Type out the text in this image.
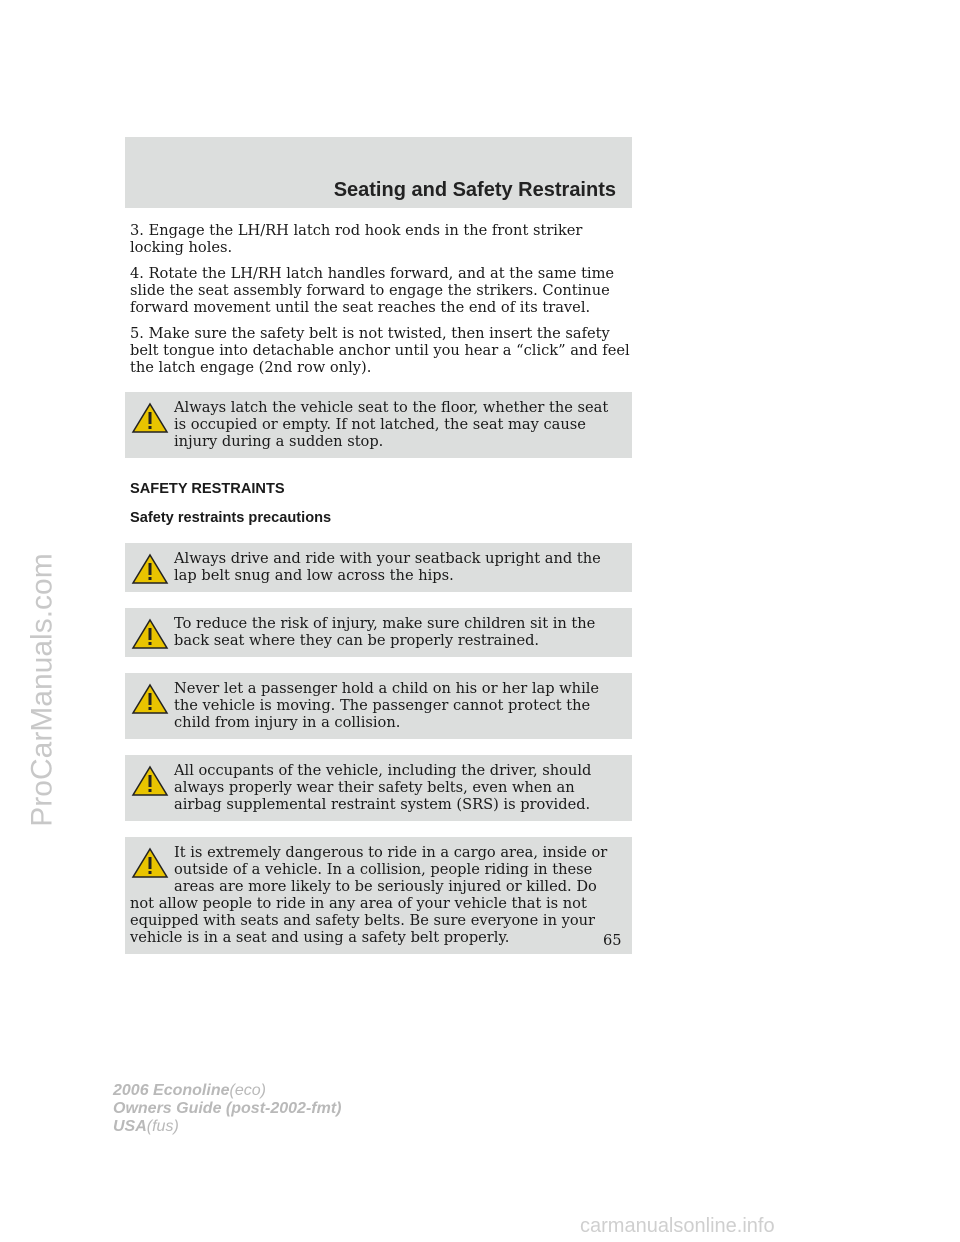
ProCarManuals.com
Seating and Safety Restraints

3. Engage the LH/RH latch rod hook ends in the front striker locking holes.

4. Rotate the LH/RH latch handles forward, and at the same time slide the seat assembly forward to engage the strikers. Continue forward movement until the seat reaches the end of its travel.

5. Make sure the safety belt is not twisted, then insert the safety belt tongue into detachable anchor until you hear a “click” and feel the latch engage (2nd row only).

Always latch the vehicle seat to the floor, whether the seat is occupied or empty. If not latched, the seat may cause injury during a sudden stop.
SAFETY RESTRAINTS
Safety restraints precautions
Always drive and ride with your seatback upright and the lap belt snug and low across the hips.
To reduce the risk of injury, make sure children sit in the back seat where they can be properly restrained.
Never let a passenger hold a child on his or her lap while the vehicle is moving. The passenger cannot protect the child from injury in a collision.
All occupants of the vehicle, including the driver, should always properly wear their safety belts, even when an airbag supplemental restraint system (SRS) is provided.
It is extremely dangerous to ride in a cargo area, inside or outside of a vehicle. In a collision, people riding in these areas are more likely to be seriously injured or killed. Do not allow people to ride in any area of your vehicle that is not equipped with seats and safety belts. Be sure everyone in your vehicle is in a seat and using a safety belt properly.	65
2006 Econoline(eco)
Owners Guide (post-2002-fmt)
USA(fus)
carmanualsonline.info
